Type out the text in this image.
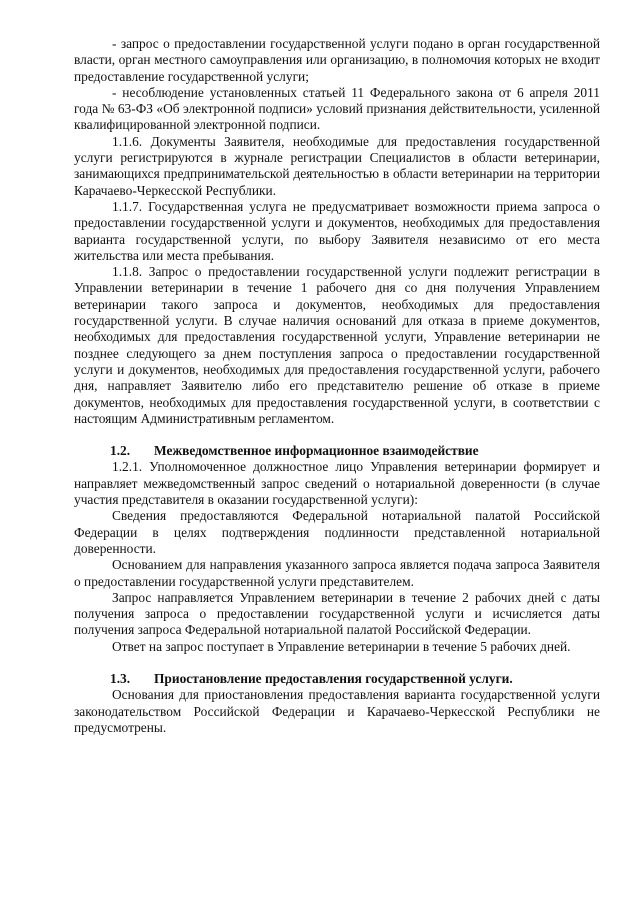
- запрос о предоставлении государственной услуги подано в орган государственной власти, орган местного самоуправления или организацию, в полномочия которых не входит предоставление государственной услуги;

- несоблюдение установленных статьей 11 Федерального закона от 6 апреля 2011 года № 63-ФЗ «Об электронной подписи» условий признания действительности, усиленной квалифицированной электронной подписи.

1.1.6. Документы Заявителя, необходимые для предоставления государственной услуги регистрируются в журнале регистрации Специалистов в области ветеринарии, занимающихся предпринимательской деятельностью в области ветеринарии на территории Карачаево-Черкесской Республики.

1.1.7. Государственная услуга не предусматривает возможности приема запроса о предоставлении государственной услуги и документов, необходимых для предоставления варианта государственной услуги, по выбору Заявителя независимо от его места жительства или места пребывания.

1.1.8. Запрос о предоставлении государственной услуги подлежит регистрации в Управлении ветеринарии в течение 1 рабочего дня со дня получения Управлением ветеринарии такого запроса и документов, необходимых для предоставления государственной услуги. В случае наличия оснований для отказа в приеме документов, необходимых для предоставления государственной услуги, Управление ветеринарии не позднее следующего за днем поступления запроса о предоставлении государственной услуги и документов, необходимых для предоставления государственной услуги, рабочего дня, направляет Заявителю либо его представителю решение об отказе в приеме документов, необходимых для предоставления государственной услуги, в соответствии с настоящим Административным регламентом.

1.2. Межведомственное информационное взаимодействие

1.2.1. Уполномоченное должностное лицо Управления ветеринарии формирует и направляет межведомственный запрос сведений о нотариальной доверенности (в случае участия представителя в оказании государственной услуги):

Сведения предоставляются Федеральной нотариальной палатой Российской Федерации в целях подтверждения подлинности представленной нотариальной доверенности.

Основанием для направления указанного запроса является подача запроса Заявителя о предоставлении государственной услуги представителем.

Запрос направляется Управлением ветеринарии в течение 2 рабочих дней с даты получения запроса о предоставлении государственной услуги и исчисляется даты получения запроса Федеральной нотариальной палатой Российской Федерации.

Ответ на запрос поступает в Управление ветеринарии в течение 5 рабочих дней.

1.3. Приостановление предоставления государственной услуги.

Основания для приостановления предоставления варианта государственной услуги законодательством Российской Федерации и Карачаево-Черкесской Республики не предусмотрены.
